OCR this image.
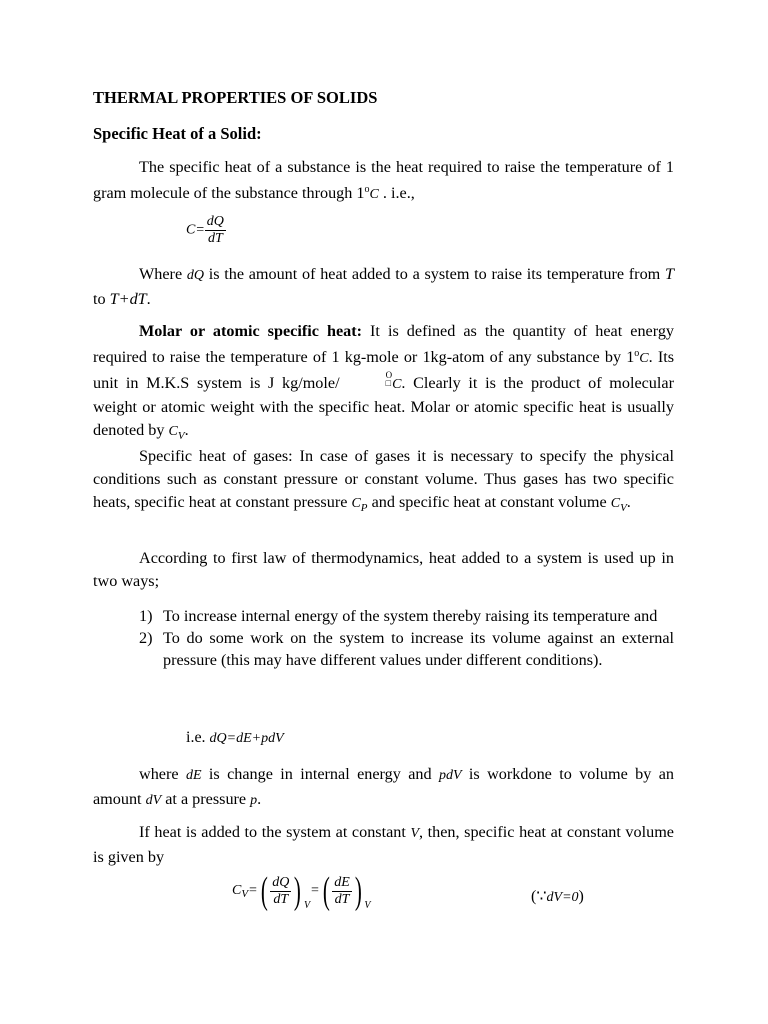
THERMAL PROPERTIES OF SOLIDS
Specific Heat of a Solid:
The specific heat of a substance is the heat required to raise the temperature of 1 gram molecule of the substance through 1$^o$C . i.e.,
$C= \frac{dQ}{dT}$
Where dQ is the amount of heat added to a system to raise its temperature from T to T+dT.
Molar or atomic specific heat: It is defined as the quantity of heat energy required to raise the temperature of 1 kg-mole or 1kg-atom of any substance by 1$^o$C. Its unit in M.K.S system is J kg/mole/	O
□ C. Clearly it is the product of molecular weight or atomic weight with the specific heat. Molar or atomic specific heat is usually denoted by $C_V$.
Specific heat of gases: In case of gases it is necessary to specify the physical conditions such as constant pressure or constant volume. Thus gases has two specific heats, specific heat at constant pressure $C_P$ and specific heat at constant volume $C_V$.
According to first law of thermodynamics, heat added to a system is used up in two ways;
1) To increase internal energy of the system thereby raising its temperature and
2) To do some work on the system to increase its volume against an external pressure (this may have different values under different conditions).
i.e. dQ=dE+pdV
where dE is change in internal energy and pdV is workdone to volume by an amount dV at a pressure p.
If heat is added to the system at constant V, then, specific heat at constant volume is given by
$C_V=( \frac{dQ}{dT}$ ) $_V=( \frac{dE}{dT}$ ) $_V$
(∵dV=0)
